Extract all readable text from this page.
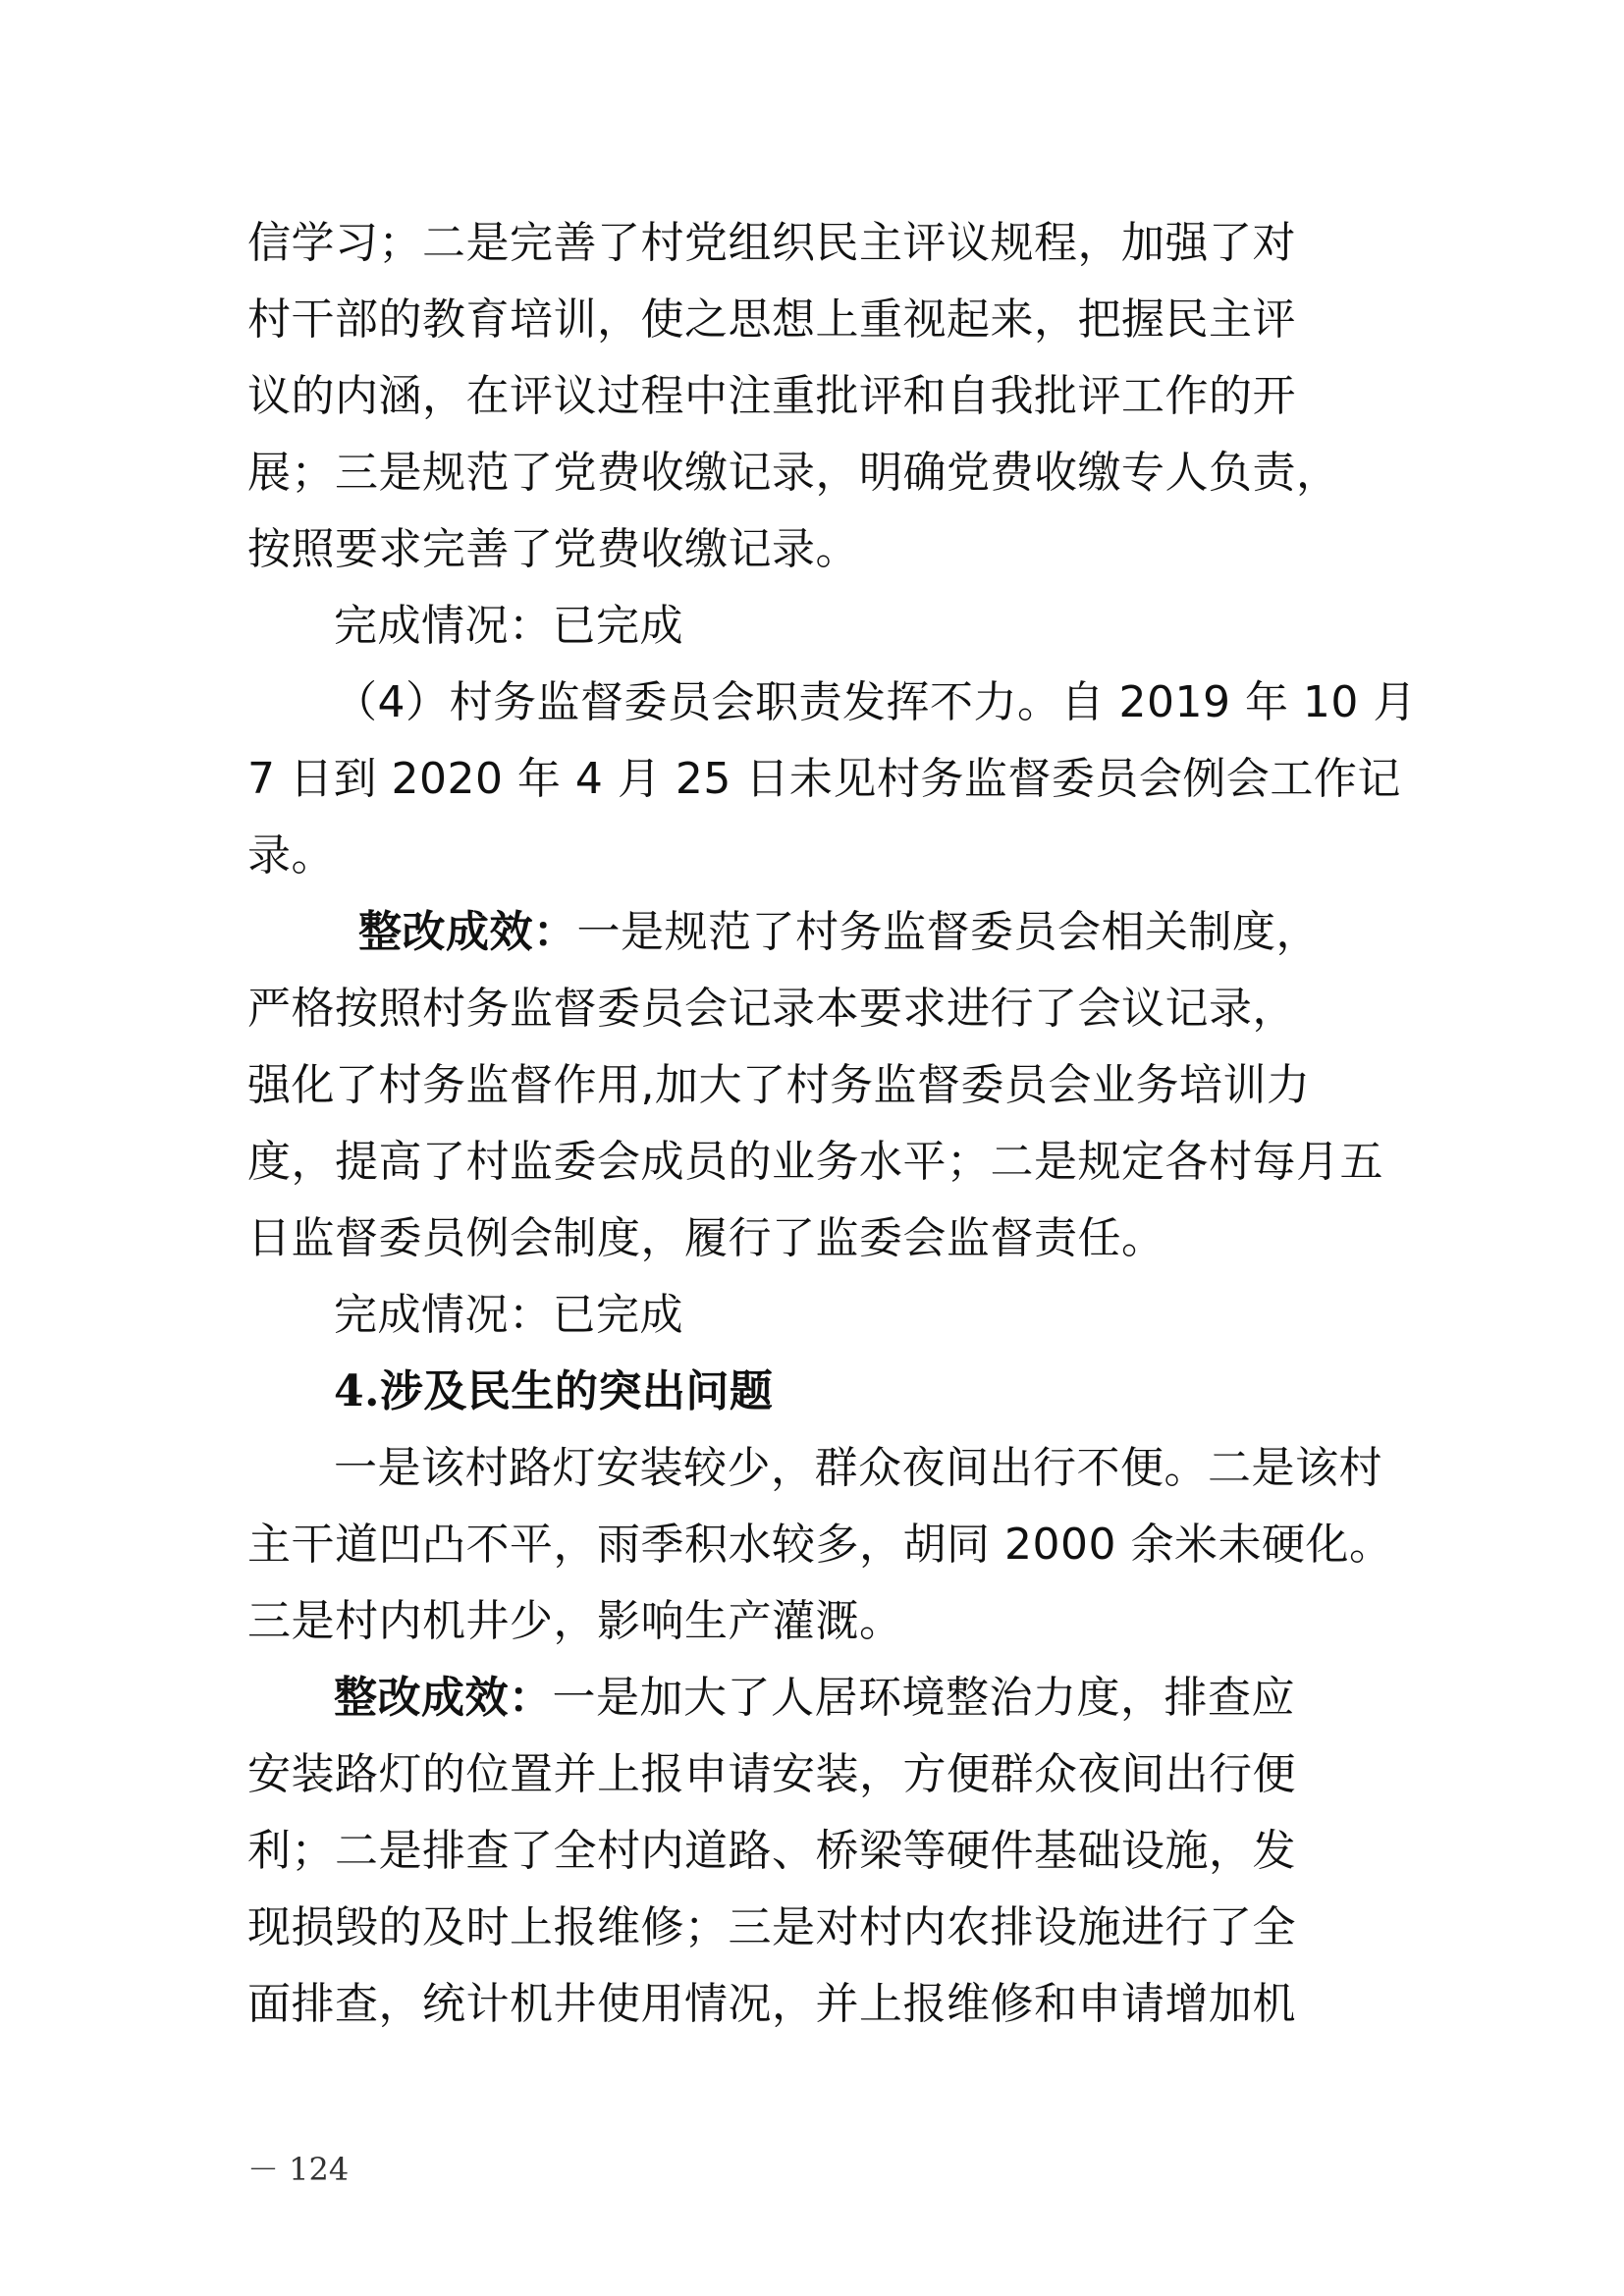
信学习；二是完善了村党组织民主评议规程，加强了对
村干部的教育培训，使之思想上重视起来，把握民主评
议的内涵，在评议过程中注重批评和自我批评工作的开
展；三是规范了党费收缴记录，明确党费收缴专人负责，
按照要求完善了党费收缴记录。
完成情况：已完成
（4）村务监督委员会职责发挥不力。自 2019 年 10 月
7 日到 2020 年 4 月 25 日未见村务监督委员会例会工作记
录。
整改成效：一是规范了村务监督委员会相关制度，
严格按照村务监督委员会记录本要求进行了会议记录，
强化了村务监督作用,加大了村务监督委员会业务培训力
度，提高了村监委会成员的业务水平；二是规定各村每月五
日监督委员例会制度，履行了监委会监督责任。
完成情况：已完成
4.涉及民生的突出问题
一是该村路灯安装较少，群众夜间出行不便。二是该村
主干道凹凸不平，雨季积水较多，胡同 2000 余米未硬化。
三是村内机井少，影响生产灌溉。
整改成效：一是加大了人居环境整治力度，排查应
安装路灯的位置并上报申请安装，方便群众夜间出行便
利；二是排查了全村内道路、桥梁等硬件基础设施，发
现损毁的及时上报维修；三是对村内农排设施进行了全
面排查，统计机井使用情况，并上报维修和申请增加机
－ 124
